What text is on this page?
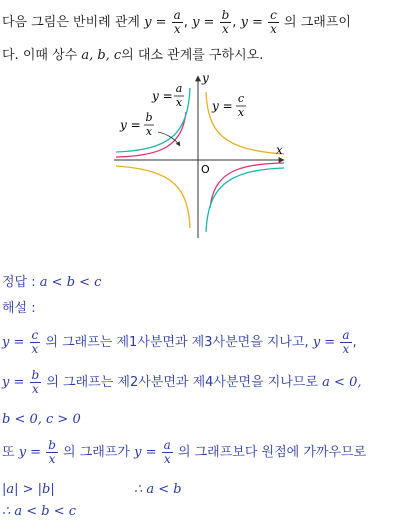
다음 그림은 반비례 관계 $y = \frac{a}{x}$ , $y = \frac{b}{x}$ , $y = \frac{c}{x}$ 의 그래프이
다. 이때 상수 a, b, c의 대소 관계를 구하시오.
y =
a
x
y =
b
x
y =
c
x
x
y
O
정답 : a < b < c
해설 :
$y = \frac{c}{x}$ 의 그래프는 제1사분면과 제3사분면을 지나고, $y = \frac{a}{x}$ ,
$y = \frac{b}{x}$ 의 그래프는 제2사분면과 제4사분면을 지나므로 a < 0,
b < 0, c > 0
또 $y = \frac{b}{x}$ 의 그래프가 $y = \frac{a}{x}$ 의 그래프보다 원점에 가까우므로
|a| > |b|	∴ a < b
∴ a < b < c
